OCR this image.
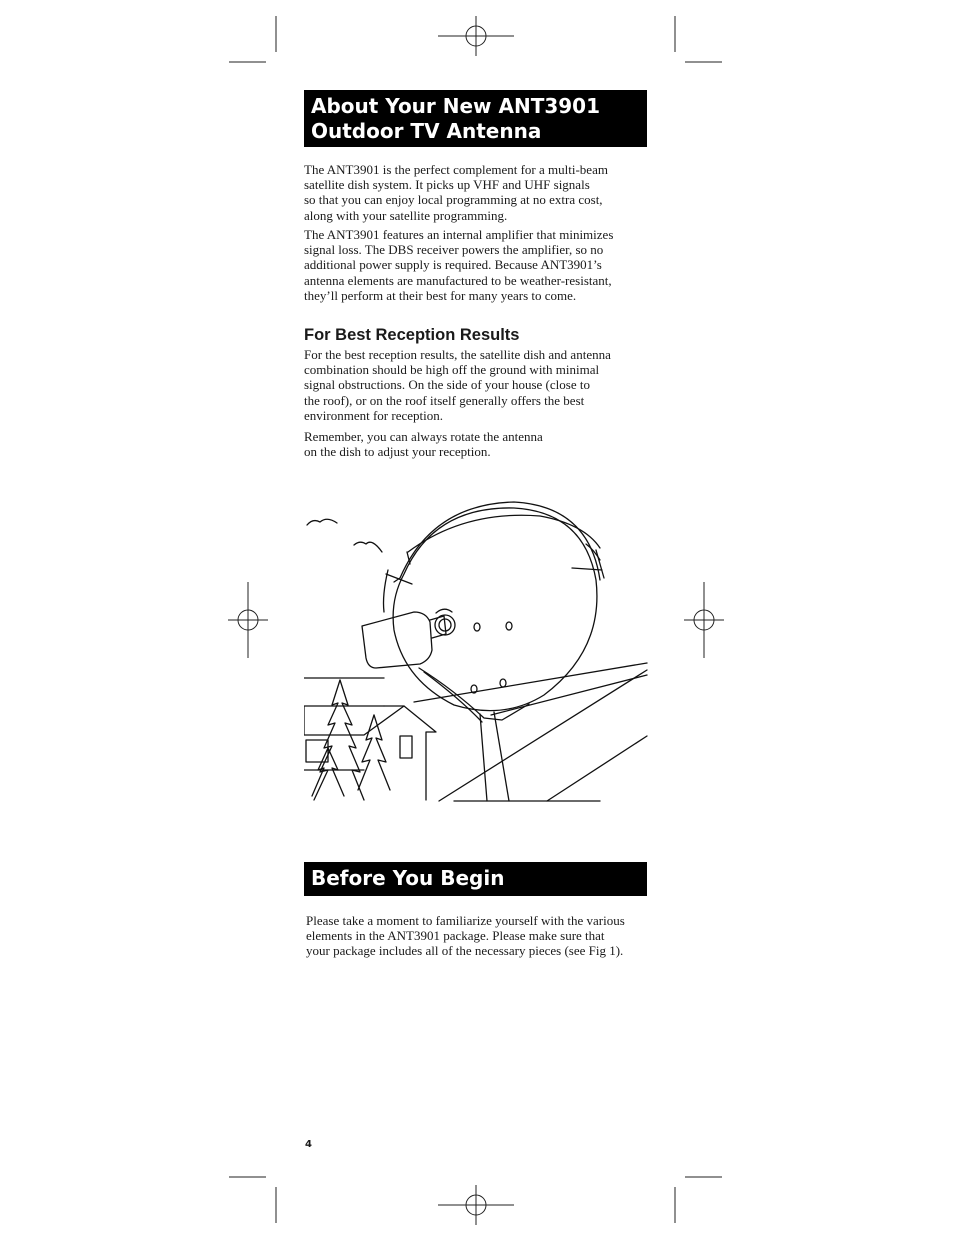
About Your New ANT3901
Outdoor TV Antenna

The ANT3901 is the perfect complement for a multi-beam
satellite dish system. It picks up VHF and UHF signals
so that you can enjoy local programming at no extra cost,
along with your satellite programming.

The ANT3901 features an internal amplifier that minimizes
signal loss. The DBS receiver powers the amplifier, so no
additional power supply is required. Because ANT3901’s
antenna elements are manufactured to be weather-resistant,
they’ll perform at their best for many years to come.

For Best Reception Results

For the best reception results, the satellite dish and antenna
combination should be high off the ground with minimal
signal obstructions. On the side of your house (close to
the roof), or on the roof itself generally offers the best
environment for reception.

Remember, you can always rotate the antenna
on the dish to adjust your reception.

Before You Begin

Please take a moment to familiarize yourself with the various
elements in the ANT3901 package. Please make sure that
your package includes all of the necessary pieces (see Fig 1).

4
